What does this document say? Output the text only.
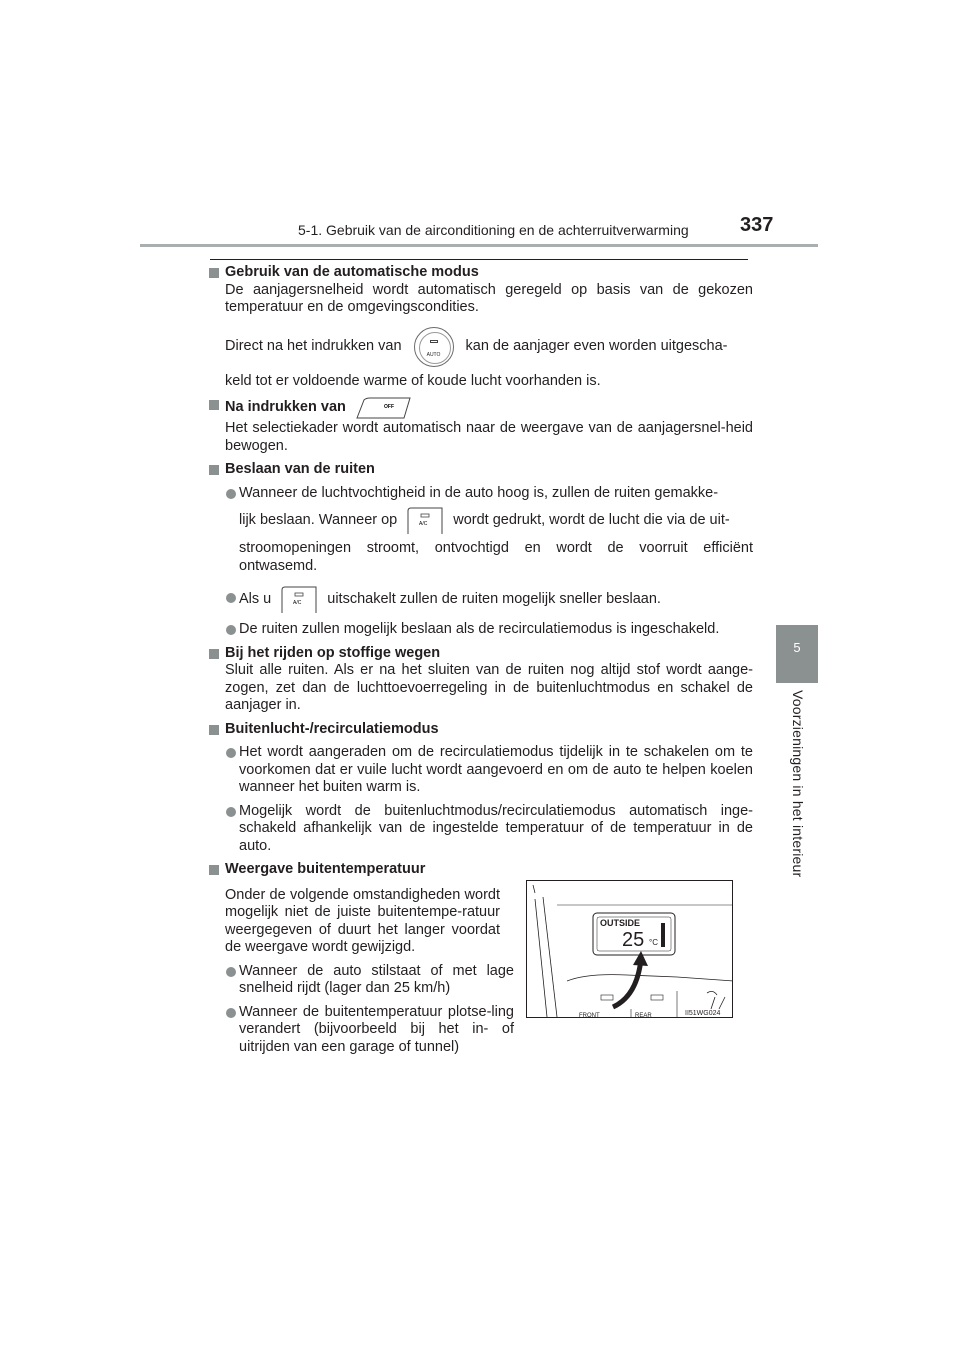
5-1. Gebruik van de airconditioning en de achterruitverwarming	337
5
Voorzieningen in het interieur
Gebruik van de automatische modus
De aanjagersnelheid wordt automatisch geregeld op basis van de gekozen temperatuur en de omgevingscondities.
Direct na het indrukken van
AUTO
kan de aanjager even worden uitgescha-
keld tot er voldoende warme of koude lucht voorhanden is.
Na indrukken van	OFF
Het selectiekader wordt automatisch naar de weergave van de aanjagersnel-heid bewogen.
Beslaan van de ruiten
Wanneer de luchtvochtigheid in de auto hoog is, zullen de ruiten gemakke-
lijk beslaan. Wanneer op	A/C wordt gedrukt, wordt de lucht die via de uit-
stroomopeningen stroomt, ontvochtigd en wordt de voorruit efficiënt ontwasemd.
Als u	A/C uitschakelt zullen de ruiten mogelijk sneller beslaan.
De ruiten zullen mogelijk beslaan als de recirculatiemodus is ingeschakeld.
Bij het rijden op stoffige wegen
Sluit alle ruiten. Als er na het sluiten van de ruiten nog altijd stof wordt aange-zogen, zet dan de luchttoevoerregeling in de buitenluchtmodus en schakel de aanjager in.
Buitenlucht-/recirculatiemodus
Het wordt aangeraden om de recirculatiemodus tijdelijk in te schakelen om te voorkomen dat er vuile lucht wordt aangevoerd en om de auto te helpen koelen wanneer het buiten warm is.
Mogelijk wordt de buitenluchtmodus/recirculatiemodus automatisch inge-schakeld afhankelijk van de ingestelde temperatuur of de temperatuur in de auto.
Weergave buitentemperatuur
Onder de volgende omstandigheden wordt mogelijk niet de juiste buitentempe-ratuur weergegeven of duurt het langer voordat de weergave wordt gewijzigd.
Wanneer de auto stilstaat of met lage snelheid rijdt (lager dan 25 km/h)
Wanneer de buitentemperatuur plotse-ling verandert (bijvoorbeeld bij het in- of uitrijden van een garage of tunnel)
OUTSIDE
25 °C
FRONT	REAR	II51WG024
